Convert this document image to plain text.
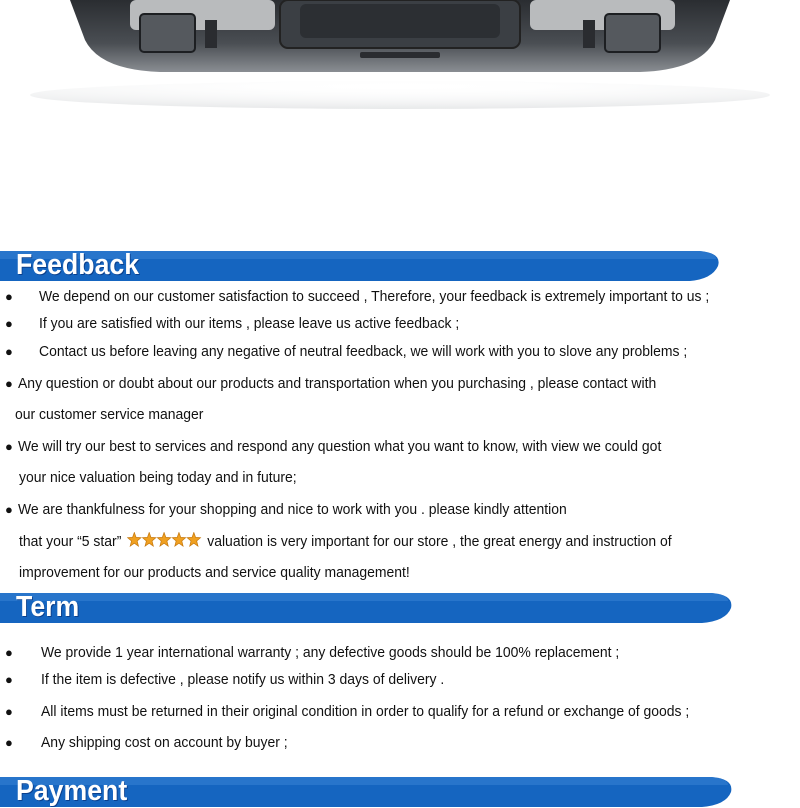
Feedback
● We depend on our customer satisfaction to succeed , Therefore, your feedback is extremely important to us ;
● If you are satisfied with our items , please leave us active feedback ;
● Contact us before leaving any negative of neutral feedback, we will work with you to slove any problems ;
● Any question or doubt about our products and transportation when you purchasing , please contact with
our customer service manager
● We will try our best to services and respond any question what you want to know, with view we could got
your nice valuation being today and in future;
● We are thankfulness for your shopping and nice to work with you . please kindly attention
that your “5 star”	valuation is very important for our store , the great energy and instruction of
improvement for our products and service quality management!
Term
● We provide 1 year international warranty ; any defective goods should be 100% replacement ;
● If the item is defective , please notify us within 3 days of delivery .
● All items must be returned in their original condition in order to qualify for a refund or exchange of goods ;
● Any shipping cost on account by buyer ;
Payment
